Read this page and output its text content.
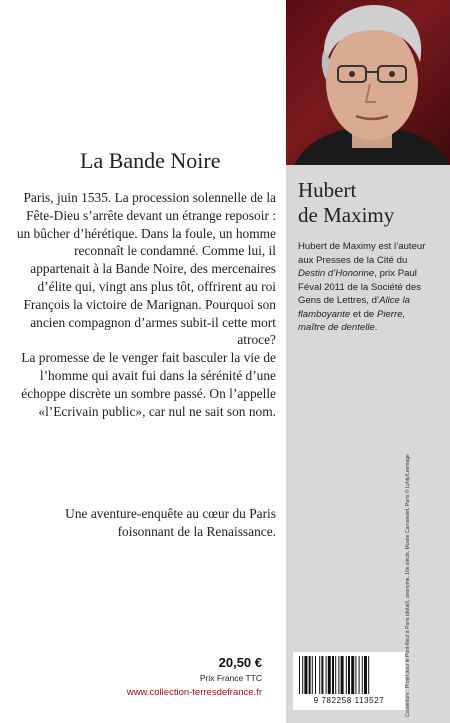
Hubert
de Maximy
Hubert de Maximy est l’auteur aux Presses de la Cité du Destin d’Honorine, prix Paul Féval 2011 de la Société des Gens de Lettres, d’Alice la flamboyante et de Pierre, maître de dentelle.
La Bande Noire

Paris, juin 1535. La procession solennelle de la Fête-Dieu s’arrête devant un étrange reposoir : un bûcher d’hérétique. Dans la foule, un homme reconnaît le condamné. Comme lui, il appartenait à la Bande Noire, des mercenaires d’élite qui, vingt ans plus tôt, offrirent au roi François la victoire de Marignan. Pourquoi son ancien compagnon d’armes subit-il cette mort atroce?

La promesse de le venger fait basculer la vie de l’homme qui avait fui dans la sérénité d’une échoppe discrète un sombre passé. On l’appelle «l’Ecrivain public», car nul ne sait son nom.

Une aventure-enquête au cœur du Paris foisonnant de la Renaissance.
20,50 €
Prix France TTC
www.collection-terresdefrance.fr
9 782258 113527	Couverture : Projet pour le Pont-Neuf à Paris (détail), anonyme, 16e siècle, Musée Carnavalet, Paris © Lyhty/Leemage
